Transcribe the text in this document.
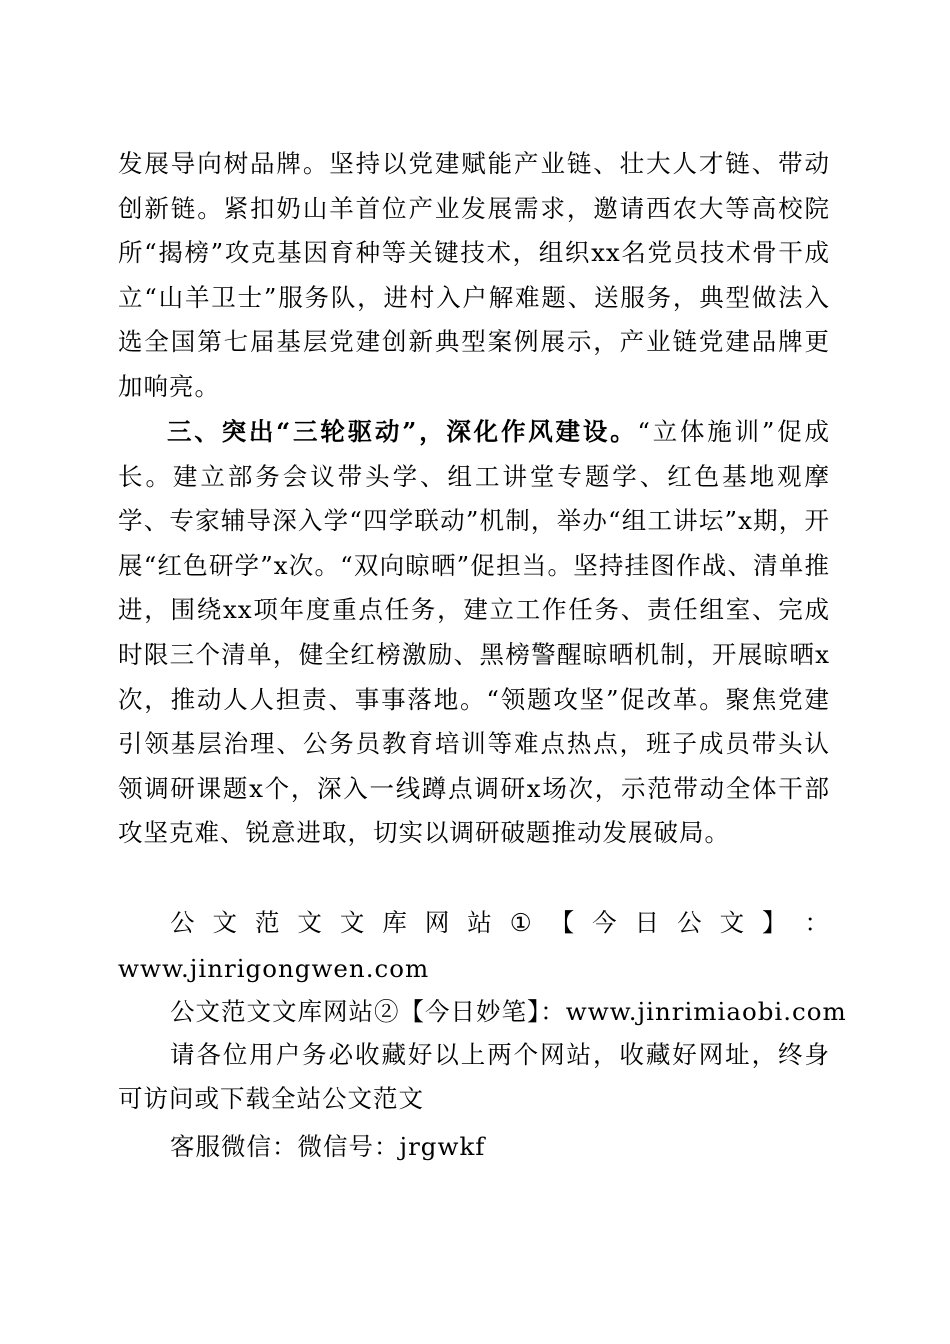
发展导向树品牌。坚持以党建赋能产业链、壮大人才链、带动创新链。紧扣奶山羊首位产业发展需求，邀请西农大等高校院所“揭榜”攻克基因育种等关键技术，组织xx名党员技术骨干成立“山羊卫士”服务队，进村入户解难题、送服务，典型做法入选全国第七届基层党建创新典型案例展示，产业链党建品牌更加响亮。
三、突出“三轮驱动”，深化作风建设。“立体施训”促成长。建立部务会议带头学、组工讲堂专题学、红色基地观摩学、专家辅导深入学“四学联动”机制，举办“组工讲坛”x期，开展“红色研学”x次。“双向晾晒”促担当。坚持挂图作战、清单推进，围绕xx项年度重点任务，建立工作任务、责任组室、完成时限三个清单，健全红榜激励、黑榜警醒晾晒机制，开展晾晒x次，推动人人担责、事事落地。“领题攻坚”促改革。聚焦党建引领基层治理、公务员教育培训等难点热点，班子成员带头认领调研课题x个，深入一线蹲点调研x场次，示范带动全体干部攻坚克难、锐意进取，切实以调研破题推动发展破局。
公 文 范 文 文 库 网 站 ① 【 今 日 公 文 】 ：
www.jinrigongwen.com
公文范文文库网站②【今日妙笔】：www.jinrimiaobi.com
请各位用户务必收藏好以上两个网站，收藏好网址，终身可访问或下载全站公文范文
客服微信：微信号：jrgwkf
